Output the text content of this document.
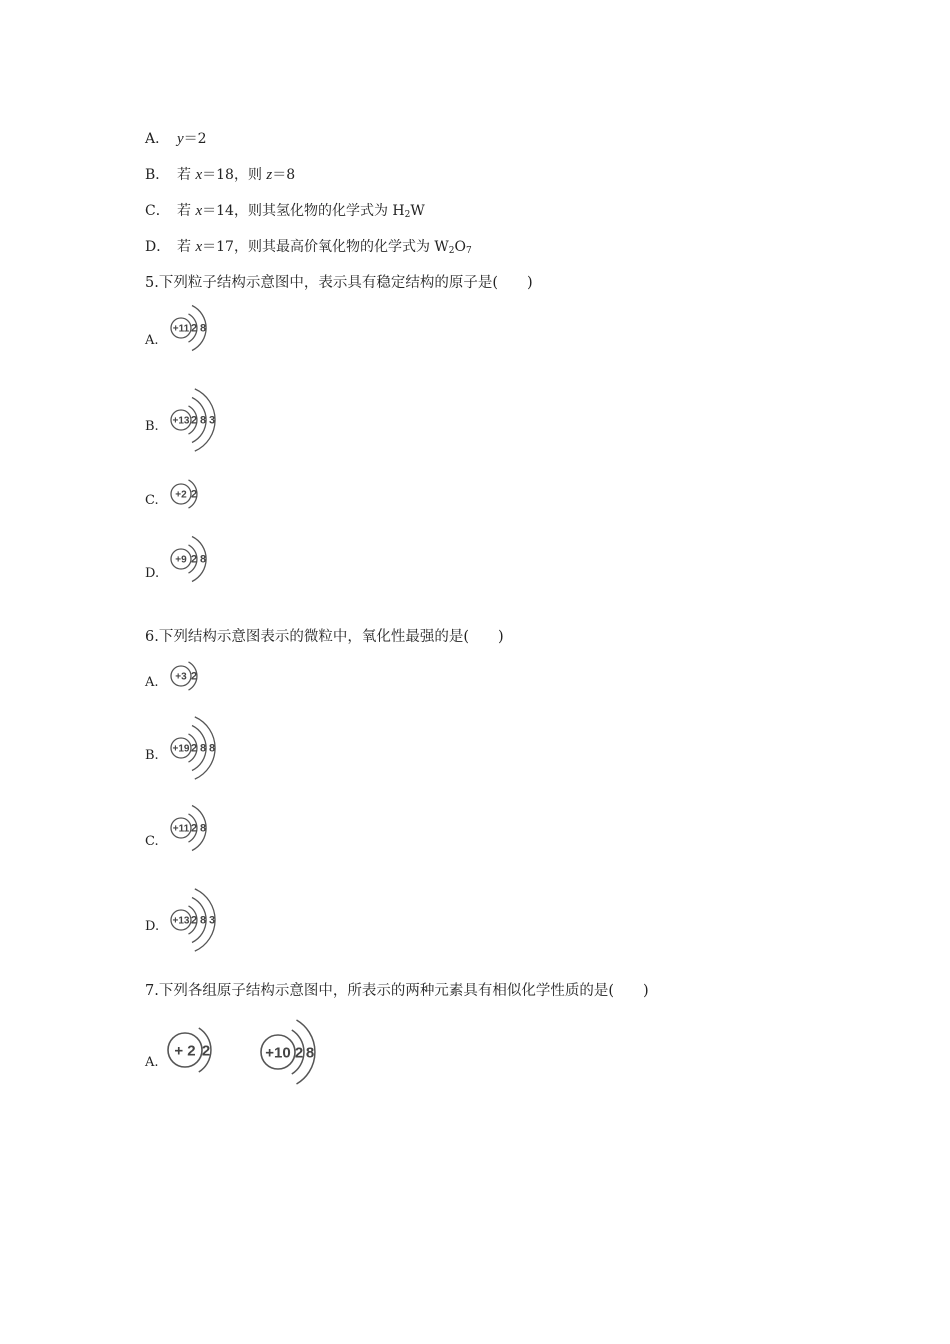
A． y＝2
B． 若 x＝18，则 z＝8
C． 若 x＝14，则其氢化物的化学式为 $H_2W$
D． 若 x＝17，则其最高价氧化物的化学式为 $W_2O_7$
5.下列粒子结构示意图中，表示具有稳定结构的原子是(　　)
A.
+11 2 8
B. +13 2 8 3
C. +2 2
D.
+9 2 8
6.下列结构示意图表示的微粒中，氧化性最强的是(　　)
A. +3 2
B. +19 2 8 8
C.
+11 2 8
D. +13 2 8 3
7.下列各组原子结构示意图中，所表示的两种元素具有相似化学性质的是(　　)
A.
+ 2 2	+10 2 8
